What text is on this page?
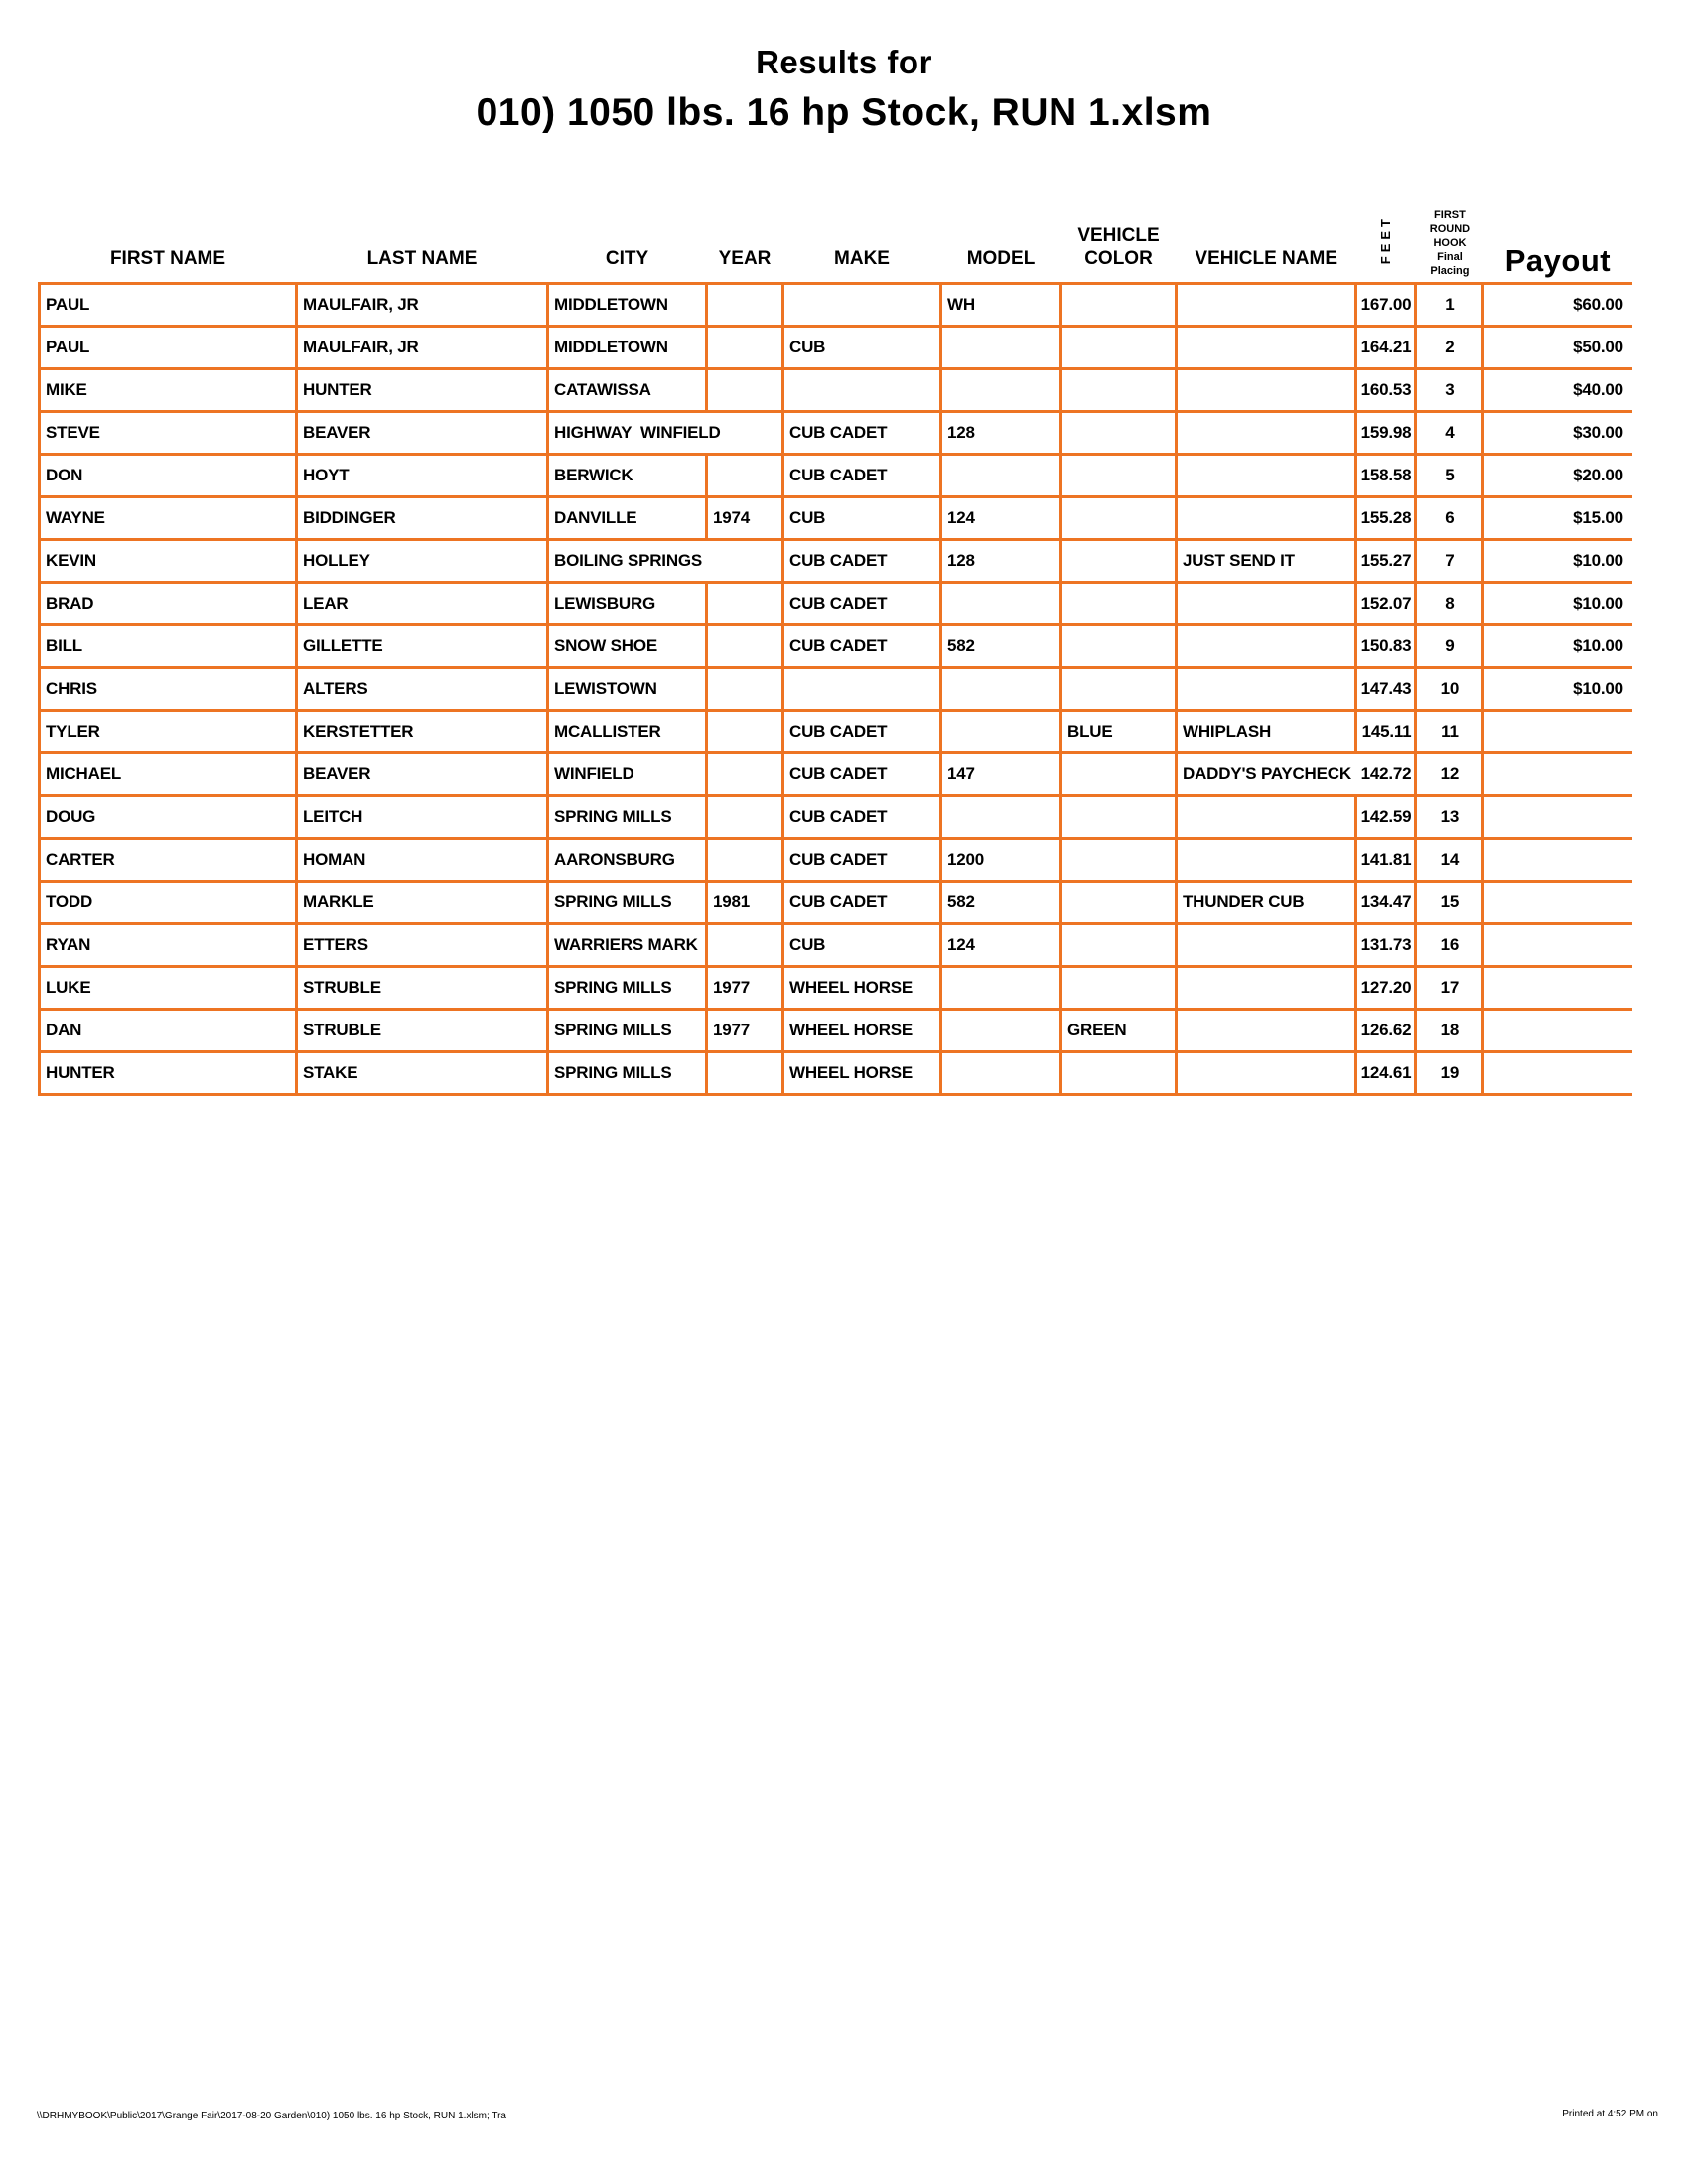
Results for
010) 1050 lbs. 16 hp Stock, RUN 1.xlsm
FIRST NAME	LAST NAME	CITY	YEAR	MAKE	MODEL	VEHICLE COLOR	VEHICLE NAME	FEET	FIRST
ROUND
HOOK
Final
Placing	Payout
PAUL	MAULFAIR, JR	MIDDLETOWN			WH			167.00	1	$60.00
PAUL	MAULFAIR, JR	MIDDLETOWN		CUB				164.21	2	$50.00
MIKE	HUNTER	CATAWISSA						160.53	3	$40.00
STEVE	BEAVER	HIGHWAY  WINFIELD		CUB CADET	128			159.98	4	$30.00
DON	HOYT	BERWICK		CUB CADET				158.58	5	$20.00
WAYNE	BIDDINGER	DANVILLE	1974	CUB	124			155.28	6	$15.00
KEVIN	HOLLEY	BOILING SPRINGS		CUB CADET	128		JUST SEND IT	155.27	7	$10.00
BRAD	LEAR	LEWISBURG		CUB CADET				152.07	8	$10.00
BILL	GILLETTE	SNOW SHOE		CUB CADET	582			150.83	9	$10.00
CHRIS	ALTERS	LEWISTOWN						147.43	10	$10.00
TYLER	KERSTETTER	MCALLISTER		CUB CADET		BLUE	WHIPLASH	145.11	11	
MICHAEL	BEAVER	WINFIELD		CUB CADET	147		DADDY'S PAYCHECK	142.72	12	
DOUG	LEITCH	SPRING MILLS		CUB CADET				142.59	13	
CARTER	HOMAN	AARONSBURG		CUB CADET	1200			141.81	14	
TODD	MARKLE	SPRING MILLS	1981	CUB CADET	582		THUNDER CUB	134.47	15	
RYAN	ETTERS	WARRIERS MARK		CUB	124			131.73	16	
LUKE	STRUBLE	SPRING MILLS	1977	WHEEL HORSE				127.20	17	
DAN	STRUBLE	SPRING MILLS	1977	WHEEL HORSE		GREEN		126.62	18	
HUNTER	STAKE	SPRING MILLS		WHEEL HORSE				124.61	19	
\\DRHMYBOOK\Public\2017\Grange Fair\2017-08-20 Garden\010) 1050 lbs. 16 hp Stock, RUN 1.xlsm; Tra	Printed at 4:52 PM on
